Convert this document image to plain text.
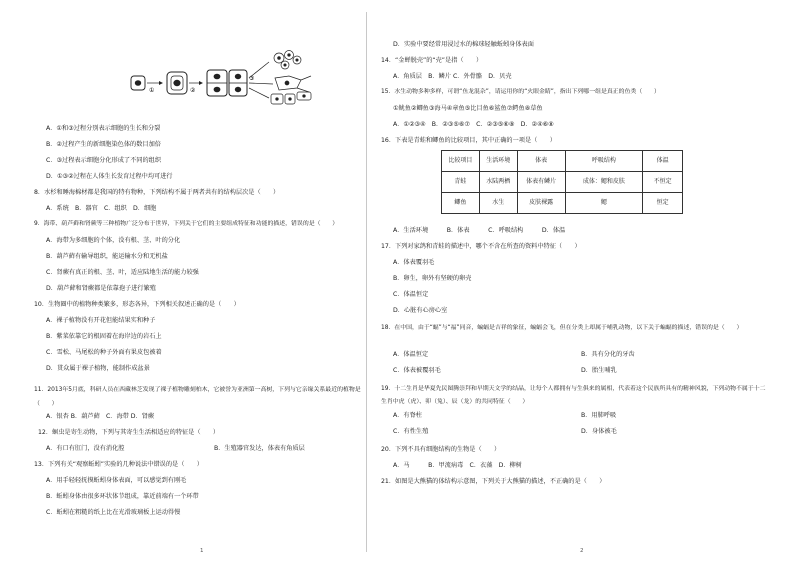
①	②
③
A．①和③过程分别表示细胞的生长和分裂
B．②过程产生的新细胞染色体的数目加倍
C．③过程表示细胞分化形成了不同的组织
D．①③②过程在人体生长发育过程中均可进行
8．水杉和睡海棉材都是我国的特有物种，下列结构不属于两者共有的结构层次是（　　）
A．系统　B．器官　C．组织　D．细胞
9．海带、葫芦藓和肾蕨等三种植物广泛分布于世界，下列关于它们的主要组成特征和功能的描述，错误的是（　　）
A．海带为多细胞的个体，没有根、茎、叶的分化
B．葫芦藓有输导组织，能运输水分和无机盐
C．肾蕨有真正的根、茎、叶，适应陆地生活的能力较强
D．葫芦藓和肾蕨都是依靠孢子进行繁殖
10．生物圈中的植物种类繁多，形态各异，下列相关叙述正确的是（　　）
A．裸子植物没有开花但能结果实和种子
B．紫菜依靠它的根固着在海岸边的岩石上
C．雪松、马尾松的种子外面有果皮包被着
D．贯众属于裸子植物，能制作成盆景
11．2013年5月底，科研人员在西藏林芝发现了裸子植物雕刻柏木，它被誉为亚洲第一高树，下列与它亲缘关系最近的植物是（　　）
A．银杏 B．葫芦藓　C．海带 D．肾蕨
12．蛔虫是寄生动物，下列与其寄生生活相适应的特征是（　　）
A．有口有肛门，没有消化腔	B．生殖器官发达，体表有角质层
13．下列有关“观察蚯蚓”实验的几种说法中错误的是（　　）
A．用手轻轻抚摸蚯蚓身体表面，可以感觉到有刚毛
B．蚯蚓身体由很多环状体节组成，靠近前端有一个环带
C．蚯蚓在粗糙的纸上比在光滑玻璃板上运动得慢
D．实验中要经常用浸过水的棉球轻触蚯蚓身体表面
14．“金蝉脱壳”的“壳”是指（　　）
A．角质层　B．鳞片 C．外骨骼　D．贝壳
15．水生动物多种多样，可谓“鱼龙混杂”，请运用你的“火眼金睛”，指出下列哪一组是真正的鱼类（　　）
①鱿鱼②鲫鱼③海马④章鱼⑤比目鱼⑥鲨鱼⑦鳄鱼⑧草鱼
A．①②③④　B．②③⑤⑥⑦　C．②③⑤⑥⑧　D．②④⑥⑧
16．下表是青蛙和鲫鱼的比较项目，其中正确的一项是（　　）
比较项目	生活环境	体表	呼吸结构	体温
青蛙	水陆两栖	体表有鳞片	成体：鳃和皮肤	不恒定
鲫鱼	水生	皮肤裸露	鳃	恒定
A．生活环境　　　B．体表　　　C．呼吸结构　　　D．体温
17．下列对家鸽和青蛙的描述中，哪个不含在所查的资料中特征（　　）
A．体表覆羽毛
B．卵生，卵外有坚硬的卵壳
C．体温恒定
D．心脏有心房心室
18．在中国，由于“蝠”与“福”同音，蝙蝠是吉祥的象征，蝙蝠会飞，但在分类上却属于哺乳动物，以下关于蝙蝠的描述，错误的是（　　）
A．体温恒定	B．具有分化的牙齿
C．体表被覆羽毛	D．胎生哺乳
19．十二生肖是华夏先民图腾崇拜和早期天文学的结晶，让每个人都拥有与生俱来的属相，代表着这个民族所具有的精神风貌，下列动物不属于十二生肖中虎（虎）、卯（兔）、辰（龙）的共同特征（　　）
A．有脊柱	B．用肺呼吸
C．有性生殖	D．身体被毛
20．下列不具有细胞结构的生物是（　　）
A．马　　　B．甲流病毒　C．衣藻　D．柳树
21．如图是大熊猫的体结构示意图，下列关于大熊猫的描述，不正确的是（　　）
1	2
